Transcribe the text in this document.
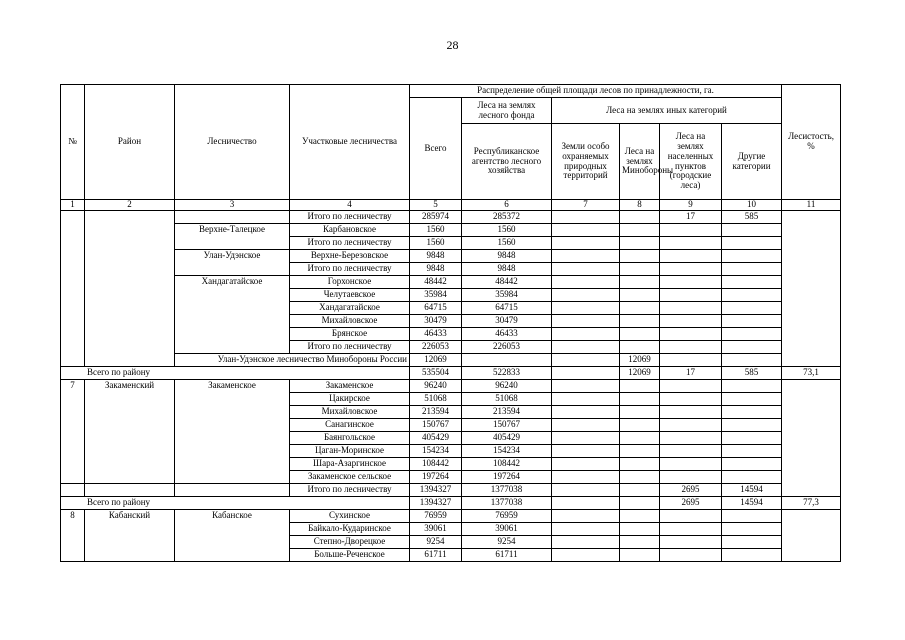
28
№	Район	Лесничество	Участковые лесничества	Распределение общей площади лесов по принадлежности, га.						Лесистость, %
				Всего	Леса на землях лесного фонда	Леса на землях иных категорий				
					Республиканское агентство лесного хозяйства	Земли особо охраняемых природных территорий	Леса на землях Минобороны	Леса на землях населенных пунктов (городские леса)	Другие категории	

1	2	3	4	5	6	7	8	9	10	11
			Итого по лесничеству	285974	285372			17	585	
		Верхне-Талецкое	Карбановское	1560	1560					
			Итого по лесничеству	1560	1560					
		Улан-Удэнское	Верхне-Березовское	9848	9848					
			Итого по лесничеству	9848	9848					
		Хандагатайское	Горхонское	48442	48442					
			Челутаевское	35984	35984					
			Хандагатайское	64715	64715					
			Михайловское	30479	30479					
			Брянское	46433	46433					
			Итого по лесничеству	226053	226053					
		Улан-Удэнское лесничество Минобороны России		12069			12069			
Всего по району				535504	522833		12069	17	585	73,1
7	Закаменский	Закаменское	Закаменское	96240	96240					
			Цакирское	51068	51068					
			Михайловское	213594	213594					
			Санагинское	150767	150767					
			Баянгольское	405429	405429					
			Цаган-Моринское	154234	154234					
			Шара-Азаргинское	108442	108442					
			Закаменское сельское	197264	197264					
			Итого по лесничеству	1394327	1377038			2695	14594	
Всего по району				1394327	1377038			2695	14594	77,3
8	Кабанский	Кабанское	Сухинское	76959	76959					
			Байкало-Кударинское	39061	39061					
			Степно-Дворецкое	9254	9254					
			Больше-Реченское	61711	61711					
